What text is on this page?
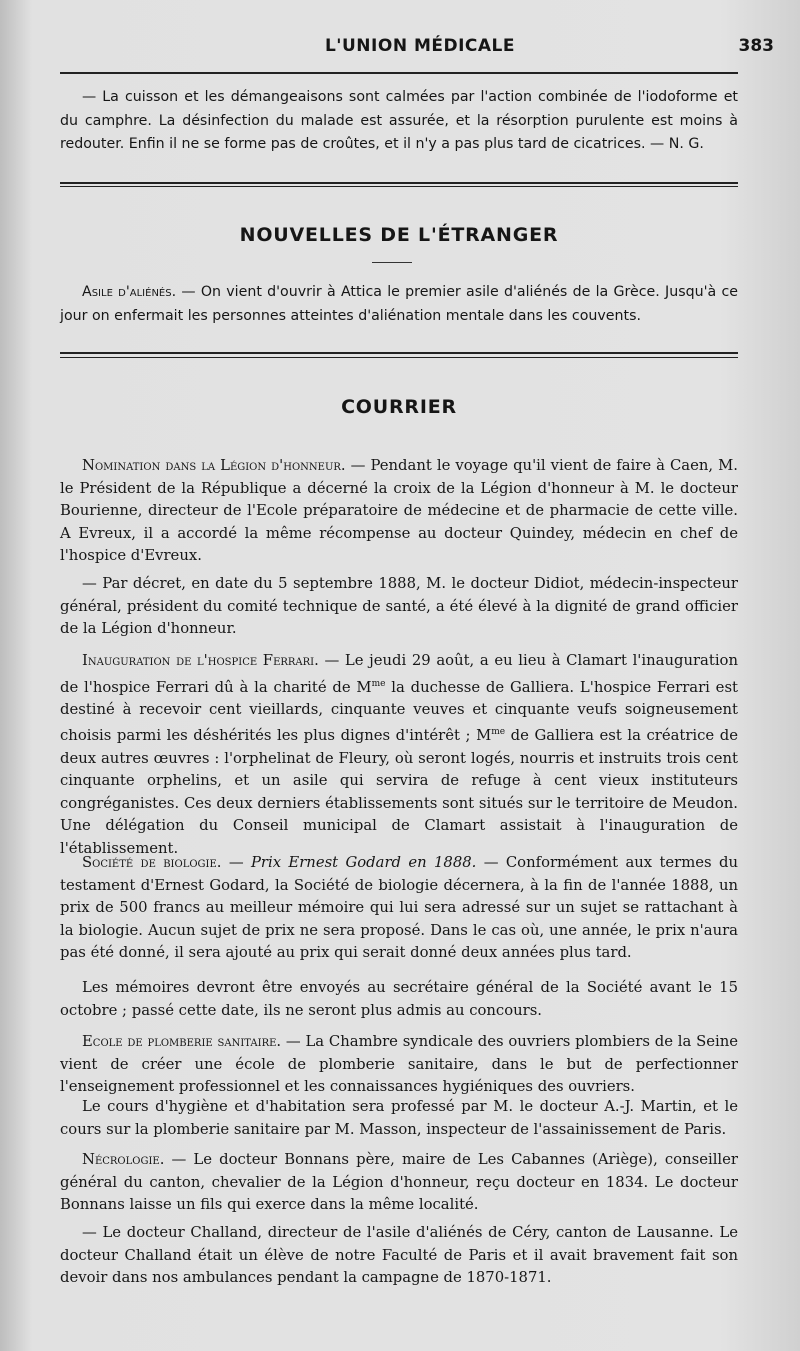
L'UNION MÉDICALE	383

— La cuisson et les démangeaisons sont calmées par l'action combinée de l'iodoforme et du camphre. La désinfection du malade est assurée, et la résorption purulente est moins à redouter. Enfin il ne se forme pas de croûtes, et il n'y a pas plus tard de cicatrices. — N. G.

NOUVELLES DE L'ÉTRANGER

Asile d'aliénés. — On vient d'ouvrir à Attica le premier asile d'aliénés de la Grèce. Jusqu'à ce jour on enfermait les personnes atteintes d'aliénation mentale dans les couvents.

COURRIER

Nomination dans la Légion d'honneur. — Pendant le voyage qu'il vient de faire à Caen, M. le Président de la République a décerné la croix de la Légion d'honneur à M. le docteur Bourienne, directeur de l'Ecole préparatoire de médecine et de pharmacie de cette ville. A Evreux, il a accordé la même récompense au docteur Quindey, médecin en chef de l'hospice d'Evreux.

— Par décret, en date du 5 septembre 1888, M. le docteur Didiot, médecin-inspecteur général, président du comité technique de santé, a été élevé à la dignité de grand officier de la Légion d'honneur.

Inauguration de l'hospice Ferrari. — Le jeudi 29 août, a eu lieu à Clamart l'inauguration de l'hospice Ferrari dû à la charité de $M^{me}$ la duchesse de Galliera. L'hospice Ferrari est destiné à recevoir cent vieillards, cinquante veuves et cinquante veufs soigneusement choisis parmi les déshérités les plus dignes d'intérêt ; $M^{me}$ de Galliera est la créatrice de deux autres œuvres : l'orphelinat de Fleury, où seront logés, nourris et instruits trois cent cinquante orphelins, et un asile qui servira de refuge à cent vieux instituteurs congréganistes. Ces deux derniers établissements sont situés sur le territoire de Meudon. Une délégation du Conseil municipal de Clamart assistait à l'inauguration de l'établissement.

Société de biologie. — Prix Ernest Godard en 1888. — Conformément aux termes du testament d'Ernest Godard, la Société de biologie décernera, à la fin de l'année 1888, un prix de 500 francs au meilleur mémoire qui lui sera adressé sur un sujet se rattachant à la biologie. Aucun sujet de prix ne sera proposé. Dans le cas où, une année, le prix n'aura pas été donné, il sera ajouté au prix qui serait donné deux années plus tard.

Les mémoires devront être envoyés au secrétaire général de la Société avant le 15 octobre ; passé cette date, ils ne seront plus admis au concours.

Ecole de plomberie sanitaire. — La Chambre syndicale des ouvriers plombiers de la Seine vient de créer une école de plomberie sanitaire, dans le but de perfectionner l'enseignement professionnel et les connaissances hygiéniques des ouvriers.

Le cours d'hygiène et d'habitation sera professé par M. le docteur A.-J. Martin, et le cours sur la plomberie sanitaire par M. Masson, inspecteur de l'assainissement de Paris.

Nécrologie. — Le docteur Bonnans père, maire de Les Cabannes (Ariège), conseiller général du canton, chevalier de la Légion d'honneur, reçu docteur en 1834. Le docteur Bonnans laisse un fils qui exerce dans la même localité.

— Le docteur Challand, directeur de l'asile d'aliénés de Céry, canton de Lausanne. Le docteur Challand était un élève de notre Faculté de Paris et il avait bravement fait son devoir dans nos ambulances pendant la campagne de 1870-1871.
